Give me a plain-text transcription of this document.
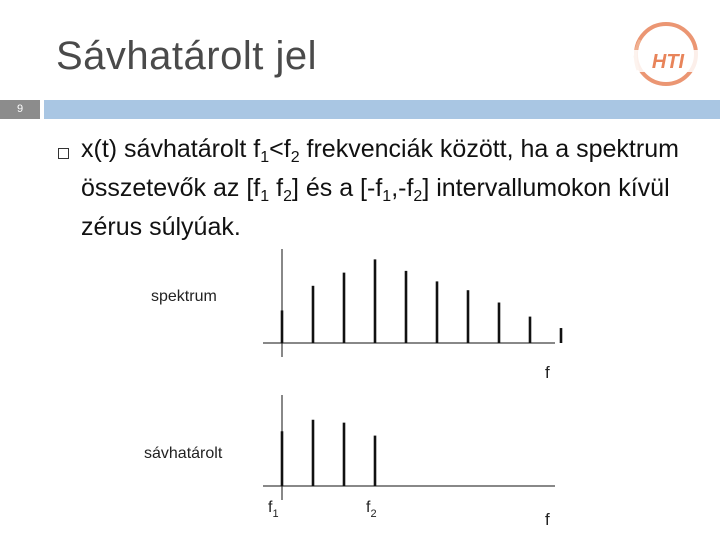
Sávhatárolt jel	HTI
9
x(t) sávhatárolt $f_1<f_2$ frekvenciák között, ha a spektrum összetevők az [$f_1$ $f_2$] és a $[-f_1,-f_2]$ intervallumokon kívül zérus súlyúak.
spektrum
sávhatárolt
f
f
$f_1$	$f_2$
